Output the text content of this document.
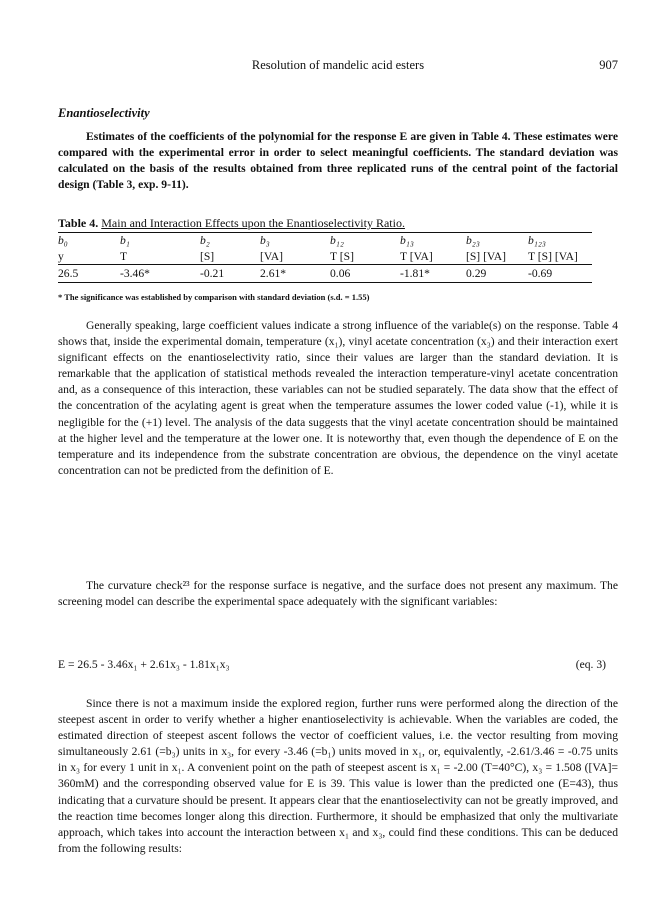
Resolution of mandelic acid esters	907
Enantioselectivity

Estimates of the coefficients of the polynomial for the response E are given in Table 4. These estimates were compared with the experimental error in order to select meaningful coefficients. The standard deviation was calculated on the basis of the results obtained from three replicated runs of the central point of the factorial design (Table 3, exp. 9-11).

Table 4. Main and Interaction Effects upon the Enantioselectivity Ratio.
b₀	b₁	b₂	b₃	b₁₂	b₁₃	b₂₃	b₁₂₃
y	T	[S]	[VA]	T [S]	T [VA]	[S] [VA]	T [S] [VA]
26.5	-3.46*	-0.21	2.61*	0.06	-1.81*	0.29	-0.69
* The significance was established by comparison with standard deviation (s.d. = 1.55)

Generally speaking, large coefficient values indicate a strong influence of the variable(s) on the response. Table 4 shows that, inside the experimental domain, temperature (x₁), vinyl acetate concentration (x₃) and their interaction exert significant effects on the enantioselectivity ratio, since their values are larger than the standard deviation. It is remarkable that the application of statistical methods revealed the interaction temperature-vinyl acetate concentration and, as a consequence of this interaction, these variables can not be studied separately. The data show that the effect of the concentration of the acylating agent is great when the temperature assumes the lower coded value (-1), while it is negligible for the (+1) level. The analysis of the data suggests that the vinyl acetate concentration should be maintained at the higher level and the temperature at the lower one. It is noteworthy that, even though the dependence of E on the temperature and its independence from the substrate concentration are obvious, the dependence on the vinyl acetate concentration can not be predicted from the definition of E.

The curvature check²³ for the response surface is negative, and the surface does not present any maximum. The screening model can describe the experimental space adequately with the significant variables:

E = 26.5 - 3.46x₁ + 2.61x₃ - 1.81x₁x₃	(eq. 3)

Since there is not a maximum inside the explored region, further runs were performed along the direction of the steepest ascent in order to verify whether a higher enantioselectivity is achievable. When the variables are coded, the estimated direction of steepest ascent follows the vector of coefficient values, i.e. the vector resulting from moving simultaneously 2.61 (=b₃) units in x₃, for every -3.46 (=b₁) units moved in x₁, or, equivalently, -2.61/3.46 = -0.75 units in x₃ for every 1 unit in x₁. A convenient point on the path of steepest ascent is x₁ = -2.00 (T=40°C), x₃ = 1.508 ([VA]= 360mM) and the corresponding observed value for E is 39. This value is lower than the predicted one (E=43), thus indicating that a curvature should be present. It appears clear that the enantioselectivity can not be greatly improved, and the reaction time becomes longer along this direction. Furthermore, it should be emphasized that only the multivariate approach, which takes into account the interaction between x₁ and x₃, could find these conditions. This can be deduced from the following results:
